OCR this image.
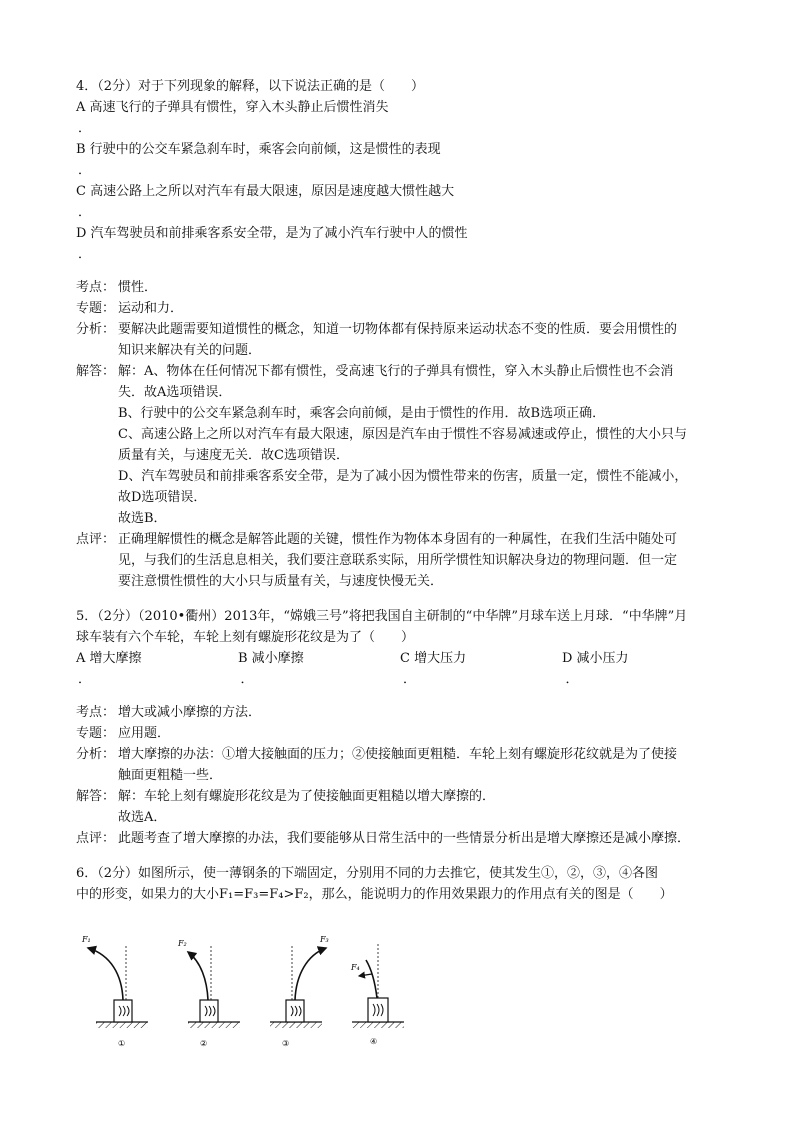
4．（2分）对于下列现象的解释，以下说法正确的是（　　）
A 高速飞行的子弹具有惯性，穿入木头静止后惯性消失
．
B 行驶中的公交车紧急刹车时，乘客会向前倾，这是惯性的表现
．
C 高速公路上之所以对汽车有最大限速，原因是速度越大惯性越大
．
D 汽车驾驶员和前排乘客系安全带，是为了减小汽车行驶中人的惯性
．
考点： 惯性．
专题： 运动和力．
分析： 要解决此题需要知道惯性的概念，知道一切物体都有保持原来运动状态不变的性质．要会用惯性的
知识来解决有关的问题．
解答： 解：A、物体在任何情况下都有惯性，受高速飞行的子弹具有惯性，穿入木头静止后惯性也不会消
失．故A选项错误．
B、行驶中的公交车紧急刹车时，乘客会向前倾，是由于惯性的作用．故B选项正确．
C、高速公路上之所以对汽车有最大限速，原因是汽车由于惯性不容易减速或停止，惯性的大小只与
质量有关，与速度无关．故C选项错误．
D、汽车驾驶员和前排乘客系安全带，是为了减小因为惯性带来的伤害，质量一定，惯性不能减小，
故D选项错误．
故选B．
点评： 正确理解惯性的概念是解答此题的关键，惯性作为物体本身固有的一种属性，在我们生活中随处可
见，与我们的生活息息相关，我们要注意联系实际，用所学惯性知识解决身边的物理问题．但一定
要注意惯性惯性的大小只与质量有关，与速度快慢无关．
5．（2分）（2010•衢州）2013年，“嫦娥三号”将把我国自主研制的“中华牌”月球车送上月球．“中华牌”月
球车装有六个车轮，车轮上刻有螺旋形花纹是为了（　　）
A 增大摩擦	B 减小摩擦	C 增大压力	D 减小压力
．	．	．	．
考点： 增大或减小摩擦的方法．
专题： 应用题．
分析： 增大摩擦的办法：①增大接触面的压力；②使接触面更粗糙．车轮上刻有螺旋形花纹就是为了使接
触面更粗糙一些．
解答： 解：车轮上刻有螺旋形花纹是为了使接触面更粗糙以增大摩擦的．
故选A．
点评： 此题考查了增大摩擦的办法，我们要能够从日常生活中的一些情景分析出是增大摩擦还是减小摩擦．
6．（2分）如图所示，使一薄钢条的下端固定，分别用不同的力去推它，使其发生①，②，③，④各图
中的形变，如果力的大小F₁=F₃=F₄>F₂，那么，能说明力的作用效果跟力的作用点有关的图是（　　）
F₁
①
F₂
②
F₃
③
F₄
④
